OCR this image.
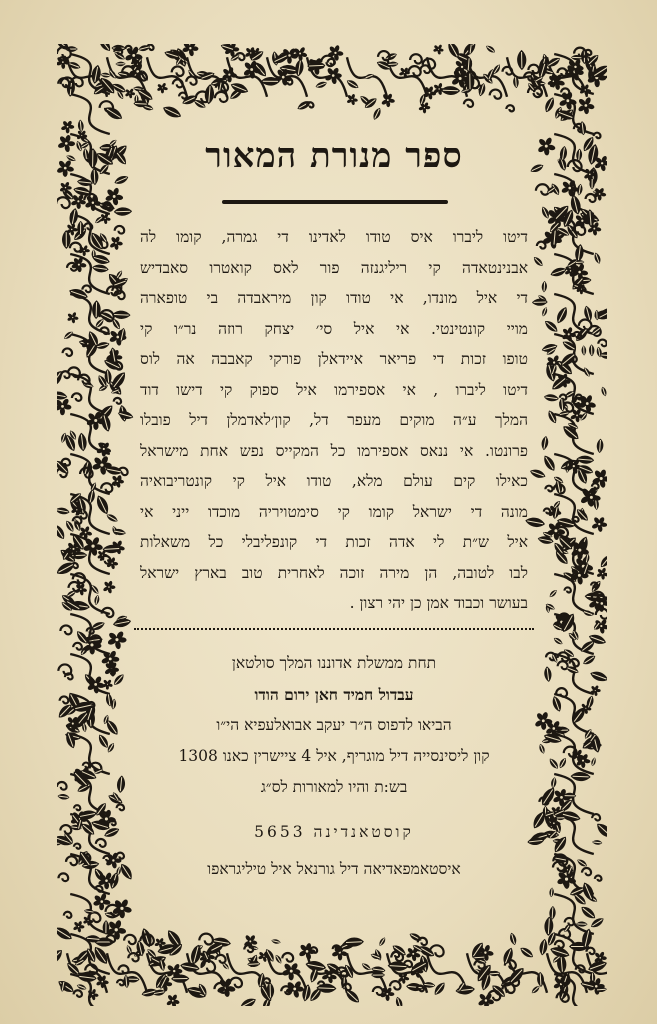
ספר מנורת המאור
דיטו ליברו איס טודו לאדינו די גמרה, קומו לה
אבנינטאדה קי ריליגנזה פור לאס קואטרו סאבדיש
די איל מונדו, אי טודו קון מיראבדה בי טופארה
מויי קונטינטי. אי איל סי׳ יצחק רוזה נר״ו קי
טופו זכות די פריאר איידאלן פורקי קאבבה אה לוס
דיטו ליברו , אי אספירמו איל ספוק קי דישו דוד
המלך ע״ה מוקים מעפר דל, קון׳לאדמלן דיל פובלו
פרונטו. אי ננאס אספירמו כל המקייס נפש אחת מישראל
כאילו קים עולם מלא, טודו איל קי קונטריבואיה
מונה די ישראל קומו קי סימטויריה מוכדו ייני אי
איל ש״ת לי אדה זכות די קונפליבלי כל משאלות
לבו לטובה, הן מירה זוכה לאחרית טוב בארץ ישראל
בעושר וכבוד אמן כן יהי רצון .
תחת ממשלת אדוננו המלך סולטאן
עבדול חמיד חאן ירום הודו
הביאו לדפוס ה״ר יעקב אבואלעפיא הי״ו
קון ליסינסייה דיל מוגריף, איל 4 ציישרין כאנו 1308
בש:ת והיו למאורות לס״ג
קוסטאנדינה 5653
איסטאמפאדיאה דיל גורנאל איל טיליגראפו
